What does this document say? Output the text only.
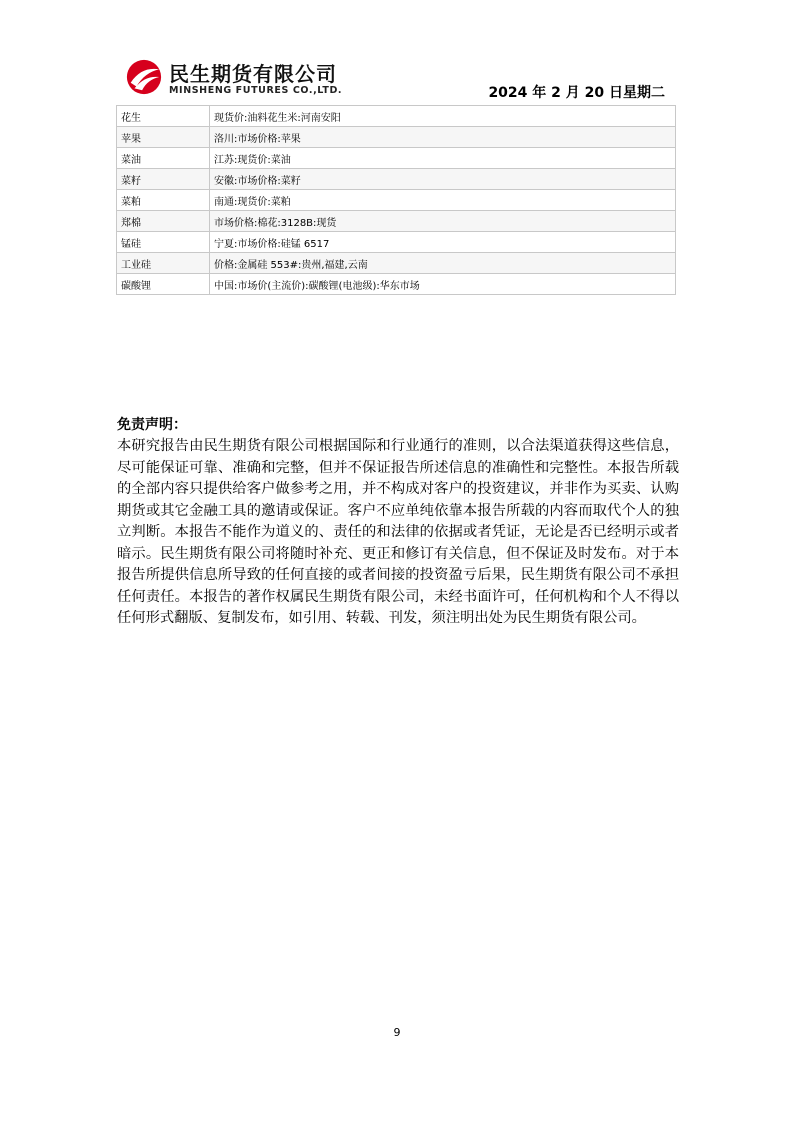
民生期货有限公司
MINSHENG FUTURES CO.,LTD.	2024 年 2 月 20 日星期二
花生	现货价:油料花生米:河南安阳
苹果	洛川:市场价格:苹果
菜油	江苏:现货价:菜油
菜籽	安徽:市场价格:菜籽
菜粕	南通:现货价:菜粕
郑棉	市场价格:棉花:3128B:现货
锰硅	宁夏:市场价格:硅锰 6517
工业硅	价格:金属硅 553#:贵州,福建,云南
碳酸锂	中国:市场价(主流价):碳酸锂(电池级):华东市场
免责声明：
本研究报告由民生期货有限公司根据国际和行业通行的准则，以合法渠道获得这些信息，尽可能保证可靠、准确和完整，但并不保证报告所述信息的准确性和完整性。本报告所载的全部内容只提供给客户做参考之用，并不构成对客户的投资建议，并非作为买卖、认购期货或其它金融工具的邀请或保证。客户不应单纯依靠本报告所载的内容而取代个人的独立判断。本报告不能作为道义的、责任的和法律的依据或者凭证，无论是否已经明示或者暗示。民生期货有限公司将随时补充、更正和修订有关信息，但不保证及时发布。对于本报告所提供信息所导致的任何直接的或者间接的投资盈亏后果，民生期货有限公司不承担任何责任。本报告的著作权属民生期货有限公司，未经书面许可，任何机构和个人不得以任何形式翻版、复制发布，如引用、转载、刊发，须注明出处为民生期货有限公司。
9
